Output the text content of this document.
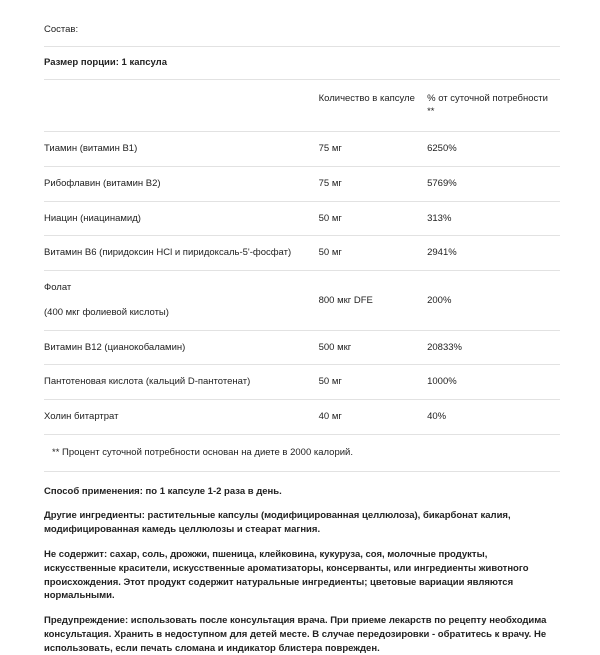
Состав:
Размер порции: 1 капсула
	Количество в капсуле	% от суточной потребности **
Тиамин (витамин B1)	75 мг	6250%
Рибофлавин (витамин B2)	75 мг	5769%
Ниацин (ниацинамид)	50 мг	313%
Витамин B6 (пиридоксин HCl и пиридоксаль-5'-фосфат)	50 мг	2941%

Фолат
(400 мкг фолиевой кислоты)	800 мкг DFE	200%
Витамин B12 (цианокобаламин)	500 мкг	20833%
Пантотеновая кислота (кальций D-пантотенат)	50 мг	1000%
Холин битартрат	40 мг	40%
** Процент суточной потребности основан на диете в 2000 калорий.

Способ применения: по 1 капсуле 1-2 раза в день.

Другие ингредиенты: растительные капсулы (модифицированная целлюлоза), бикарбонат калия, модифицированная камедь целлюлозы и стеарат магния.

Не содержит: сахар, соль, дрожжи, пшеница, клейковина, кукуруза, соя, молочные продукты, искусственные красители, искусственные ароматизаторы, консерванты, или ингредиенты животного происхождения. Этот продукт содержит натуральные ингредиенты; цветовые вариации являются нормальными.

Предупреждение: использовать после консультация врача. При приеме лекарств по рецепту необходима консультация. Хранить в недоступном для детей месте. В случае передозировки - обратитесь к врачу. Не использовать, если печать сломана и индикатор блистера поврежден.
